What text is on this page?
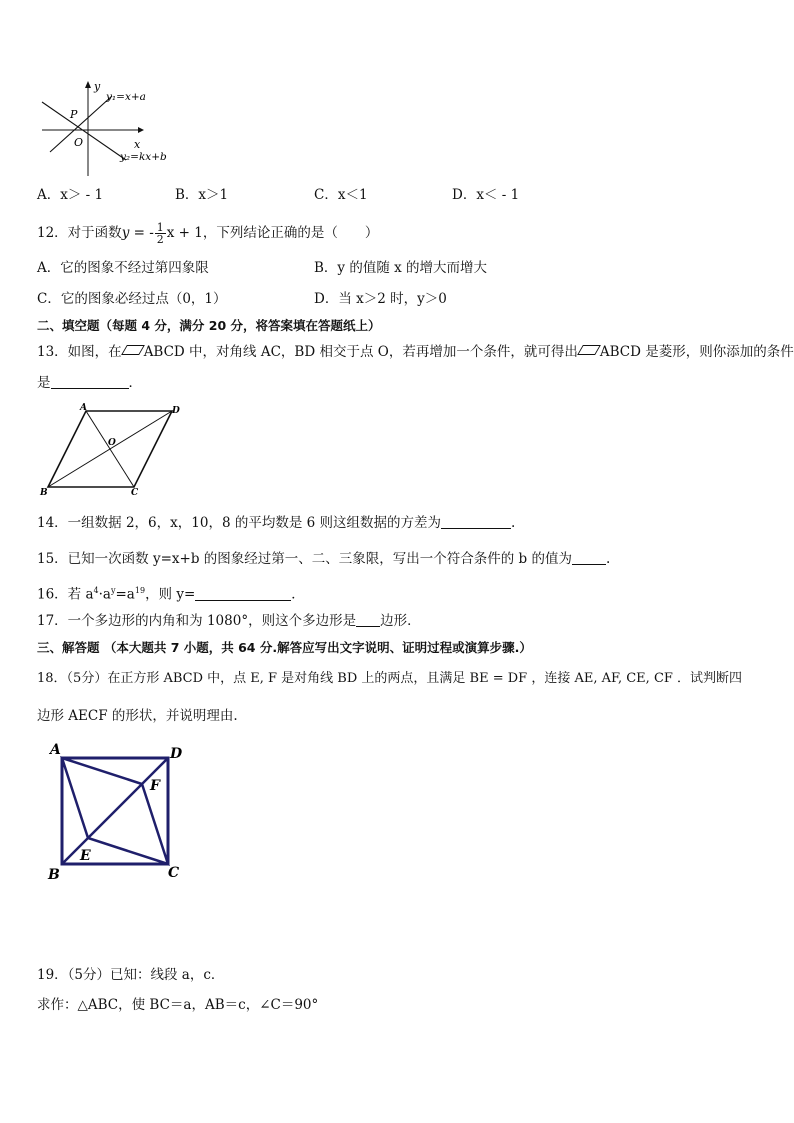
y
x
O
P
y₁=x+a
y₂=kx+b
A．x＞ - 1	B．x＞1	C．x＜1	D．x＜ - 1
12．对于函数y = - $\frac{1}{2}$ x + 1，下列结论正确的是（　　）
A．它的图象不经过第四象限	B．y 的值随 x 的增大而增大
C．它的图象必经过点（0，1）	D．当 x＞2 时，y＞0
二、填空题（每题 4 分，满分 20 分，将答案填在答题纸上）
13．如图，在 ABCD 中，对角线 AC，BD 相交于点 O，若再增加一个条件，就可得出 ABCD 是菱形，则你添加的条件
是	．
A	D
O
B	C
14．一组数据 2，6，x，10，8 的平均数是 6 则这组数据的方差为	.
15．已知一次函数 y=x+b 的图象经过第一、二、三象限，写出一个符合条件的 b 的值为	.
16．若 $a^4\cdot a^y=a^{19}$，则 y=	．
17．一个多边形的内角和为 1080°，则这个多边形是 边形．
三、解答题 （本大题共 7 小题，共 64 分.解答应写出文字说明、证明过程或演算步骤.）
18．（5分）在正方形 ABCD 中，点 E, F 是对角线 BD 上的两点，且满足 BE = DF ，连接 AE, AF, CE, CF ．试判断四
边形 AECF 的形状，并说明理由.
A	D
F
E
B	C
19．（5分）已知：线段 a，c．
求作：△ABC，使 BC＝a，AB＝c，∠C＝90°
